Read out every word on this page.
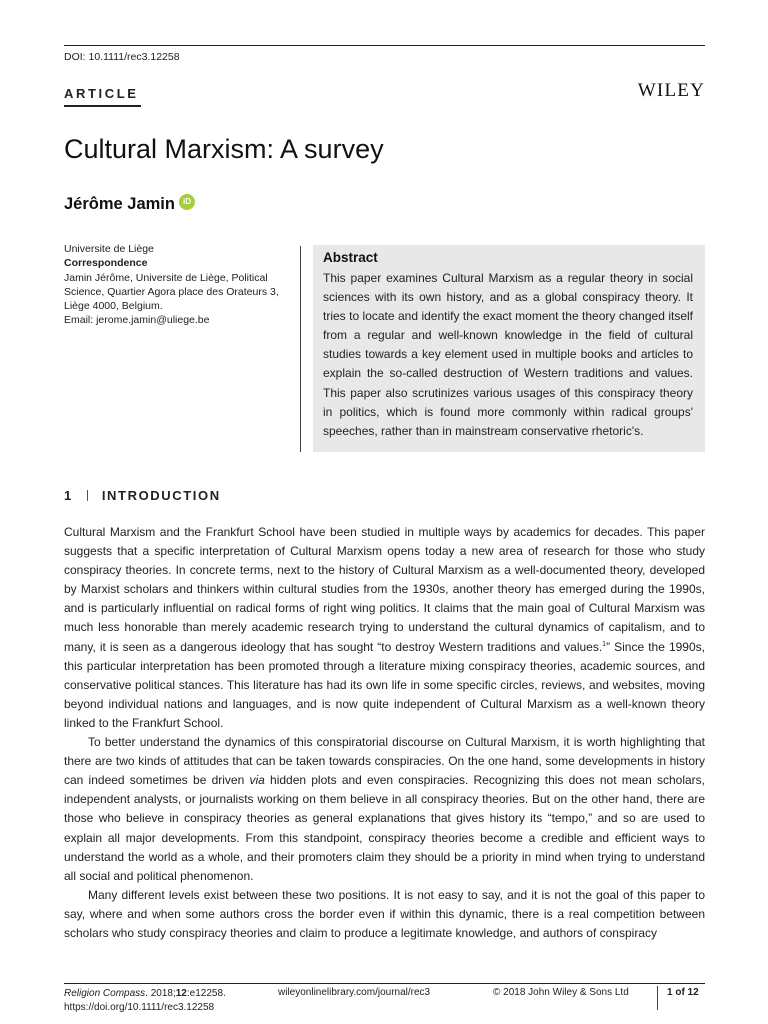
DOI: 10.1111/rec3.12258
ARTICLE	WILEY
Cultural Marxism: A survey
Jérôme Jamin	iD
Universite de Liège
Correspondence
Jamin Jérôme, Universite de Liège, Political
Science, Quartier Agora place des Orateurs 3,
Liège 4000, Belgium.
Email: jerome.jamin@uliege.be
Abstract

This paper examines Cultural Marxism as a regular theory in social sciences with its own history, and as a global conspiracy theory. It tries to locate and identify the exact moment the theory changed itself from a regular and well-known knowledge in the field of cultural studies towards a key element used in multiple books and articles to explain the so-called destruction of Western traditions and values. This paper also scrutinizes various usages of this conspiracy theory in politics, which is found more commonly within radical groups' speeches, rather than in mainstream conservative rhetoric's.

1 INTRODUCTION

Cultural Marxism and the Frankfurt School have been studied in multiple ways by academics for decades. This paper suggests that a specific interpretation of Cultural Marxism opens today a new area of research for those who study conspiracy theories. In concrete terms, next to the history of Cultural Marxism as a well-documented theory, developed by Marxist scholars and thinkers within cultural studies from the 1930s, another theory has emerged during the 1990s, and is particularly influential on radical forms of right wing politics. It claims that the main goal of Cultural Marxism was much less honorable than merely academic research trying to understand the cultural dynamics of capitalism, and to many, it is seen as a dangerous ideology that has sought “to destroy Western traditions and values.$^1$” Since the 1990s, this particular interpretation has been promoted through a literature mixing conspiracy theories, academic sources, and conservative political stances. This literature has had its own life in some specific circles, reviews, and websites, moving beyond individual nations and languages, and is now quite independent of Cultural Marxism as a well-known theory linked to the Frankfurt School.

To better understand the dynamics of this conspiratorial discourse on Cultural Marxism, it is worth highlighting that there are two kinds of attitudes that can be taken towards conspiracies. On the one hand, some developments in history can indeed sometimes be driven via hidden plots and even conspiracies. Recognizing this does not mean scholars, independent analysts, or journalists working on them believe in all conspiracy theories. But on the other hand, there are those who believe in conspiracy theories as general explanations that gives history its “tempo,” and so are used to explain all major developments. From this standpoint, conspiracy theories become a credible and efficient ways to understand the world as a whole, and their promoters claim they should be a priority in mind when trying to understand all social and political phenomenon.

Many different levels exist between these two positions. It is not easy to say, and it is not the goal of this paper to say, where and when some authors cross the border even if within this dynamic, there is a real competition between scholars who study conspiracy theories and claim to produce a legitimate knowledge, and authors of conspiracy

Religion Compass. 2018;12:e12258.
https://doi.org/10.1111/rec3.12258
wileyonlinelibrary.com/journal/rec3	© 2018 John Wiley & Sons Ltd	1 of 12
